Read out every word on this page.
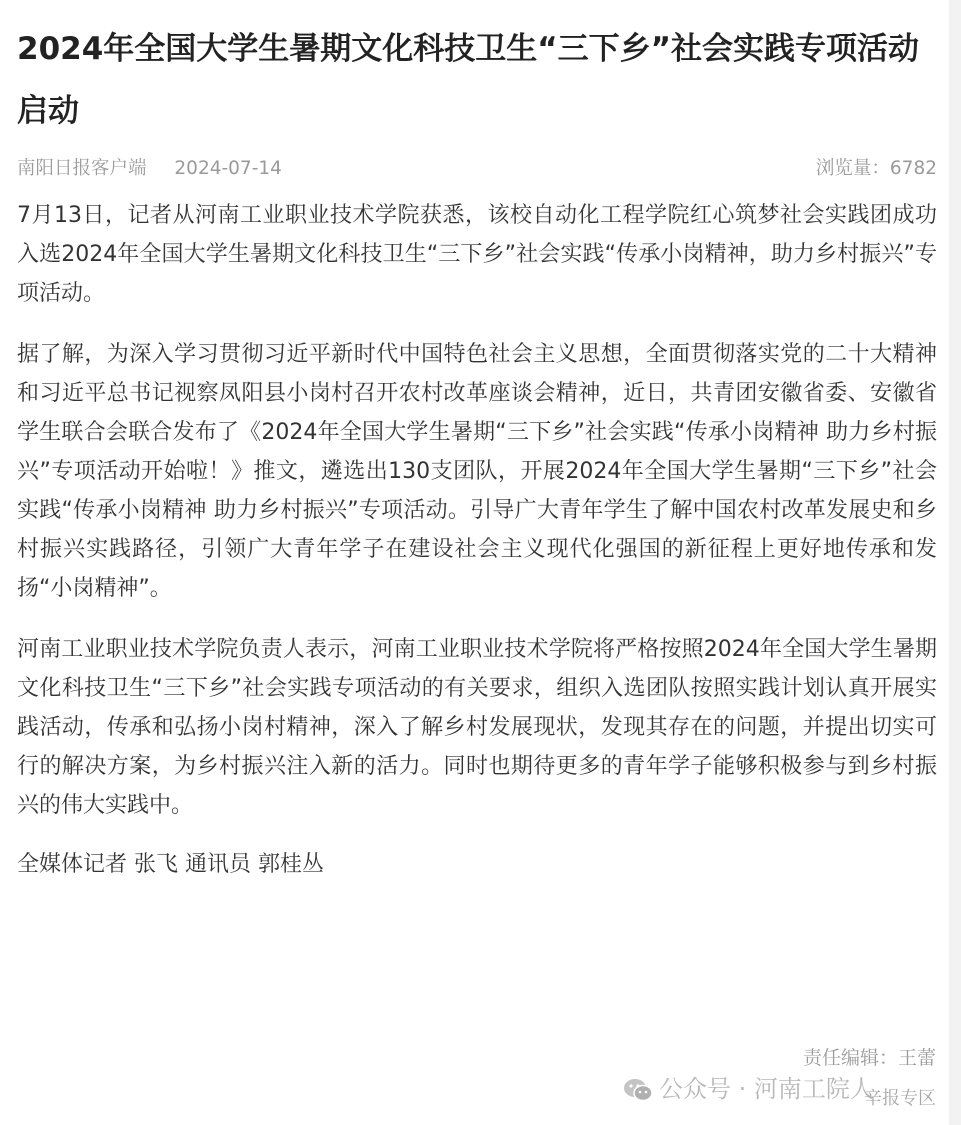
2024年全国大学生暑期文化科技卫生“三下乡”社会实践专项活动启动
南阳日报客户端 2024-07-14	浏览量：6782

7月13日，记者从河南工业职业技术学院获悉，该校自动化工程学院红心筑梦社会实践团成功入选2024年全国大学生暑期文化科技卫生“三下乡”社会实践“传承小岗精神，助力乡村振兴”专项活动。

据了解，为深入学习贯彻习近平新时代中国特色社会主义思想，全面贯彻落实党的二十大精神和习近平总书记视察凤阳县小岗村召开农村改革座谈会精神，近日，共青团安徽省委、安徽省学生联合会联合发布了《2024年全国大学生暑期“三下乡”社会实践“传承小岗精神 助力乡村振兴”专项活动开始啦！》推文，遴选出130支团队，开展2024年全国大学生暑期“三下乡”社会实践“传承小岗精神 助力乡村振兴”专项活动。引导广大青年学生了解中国农村改革发展史和乡村振兴实践路径，引领广大青年学子在建设社会主义现代化强国的新征程上更好地传承和发扬“小岗精神”。

河南工业职业技术学院负责人表示，河南工业职业技术学院将严格按照2024年全国大学生暑期文化科技卫生“三下乡”社会实践专项活动的有关要求，组织入选团队按照实践计划认真开展实践活动，传承和弘扬小岗村精神，深入了解乡村发展现状，发现其存在的问题，并提出切实可行的解决方案，为乡村振兴注入新的活力。同时也期待更多的青年学子能够积极参与到乡村振兴的伟大实践中。

全媒体记者 张飞 通讯员 郭桂丛
责任编辑：王蕾
公众号 · 河南工院人
辛报专区
